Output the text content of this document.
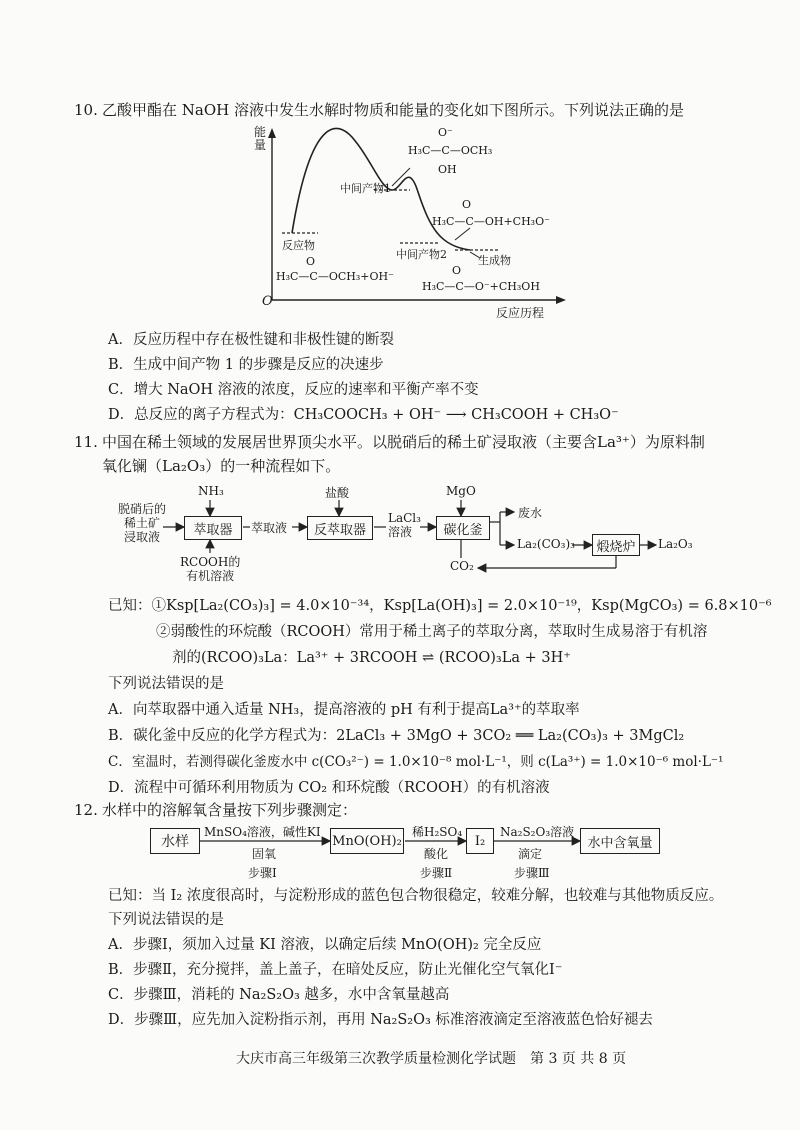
10. 乙酸甲酯在 NaOH 溶液中发生水解时物质和能量的变化如下图所示。下列说法正确的是
能量
反应历程
O
O⁻
H₃C—C—OCH₃
OH
中间产物1
O
H₃C—C—OH+CH₃O⁻
中间产物2
反应物
O
H₃C—C—OCH₃+OH⁻
生成物
O
H₃C—C—O⁻+CH₃OH
A．反应历程中存在极性键和非极性键的断裂
B．生成中间产物 1 的步骤是反应的决速步
C．增大 NaOH 溶液的浓度，反应的速率和平衡产率不变
D．总反应的离子方程式为：CH₃COOCH₃ + OH⁻ ⟶ CH₃COOH + CH₃O⁻
11. 中国在稀土领域的发展居世界顶尖水平。以脱硝后的稀土矿浸取液（主要含La³⁺）为原料制
氧化镧（La₂O₃）的一种流程如下。
脱硝后的
稀土矿
浸取液
NH₃
萃取器
RCOOH的
有机溶液
萃取液
盐酸
反萃取器
LaCl₃
溶液
MgO
碳化釜
废水
La₂(CO₃)₃	煅烧炉	La₂O₃
CO₂
已知：①Ksp[La₂(CO₃)₃] = 4.0×10⁻³⁴，Ksp[La(OH)₃] = 2.0×10⁻¹⁹，Ksp(MgCO₃) = 6.8×10⁻⁶
②弱酸性的环烷酸（RCOOH）常用于稀土离子的萃取分离，萃取时生成易溶于有机溶
剂的(RCOO)₃La：La³⁺ + 3RCOOH ⇌ (RCOO)₃La + 3H⁺
下列说法错误的是
A．向萃取器中通入适量 NH₃，提高溶液的 pH 有利于提高La³⁺的萃取率
B．碳化釜中反应的化学方程式为：2LaCl₃ + 3MgO + 3CO₂ ══ La₂(CO₃)₃ + 3MgCl₂
C．室温时，若测得碳化釜废水中 c(CO₃²⁻) = 1.0×10⁻⁸ mol·L⁻¹，则 c(La³⁺) = 1.0×10⁻⁶ mol·L⁻¹
D．流程中可循环利用物质为 CO₂ 和环烷酸（RCOOH）的有机溶液
12. 水样中的溶解氧含量按下列步骤测定：
水样
MnSO₄溶液，碱性KI
固氧
步骤Ⅰ
MnO(OH)₂
稀H₂SO₄
酸化
步骤Ⅱ
I₂
Na₂S₂O₃溶液
滴定
步骤Ⅲ
水中含氧量
已知：当 I₂ 浓度很高时，与淀粉形成的蓝色包合物很稳定，较难分解，也较难与其他物质反应。
下列说法错误的是
A．步骤Ⅰ，须加入过量 KI 溶液，以确定后续 MnO(OH)₂ 完全反应
B．步骤Ⅱ，充分搅拌，盖上盖子，在暗处反应，防止光催化空气氧化I⁻
C．步骤Ⅲ，消耗的 Na₂S₂O₃ 越多，水中含氧量越高
D．步骤Ⅲ，应先加入淀粉指示剂，再用 Na₂S₂O₃ 标准溶液滴定至溶液蓝色恰好褪去
大庆市高三年级第三次教学质量检测化学试题　第 3 页 共 8 页
